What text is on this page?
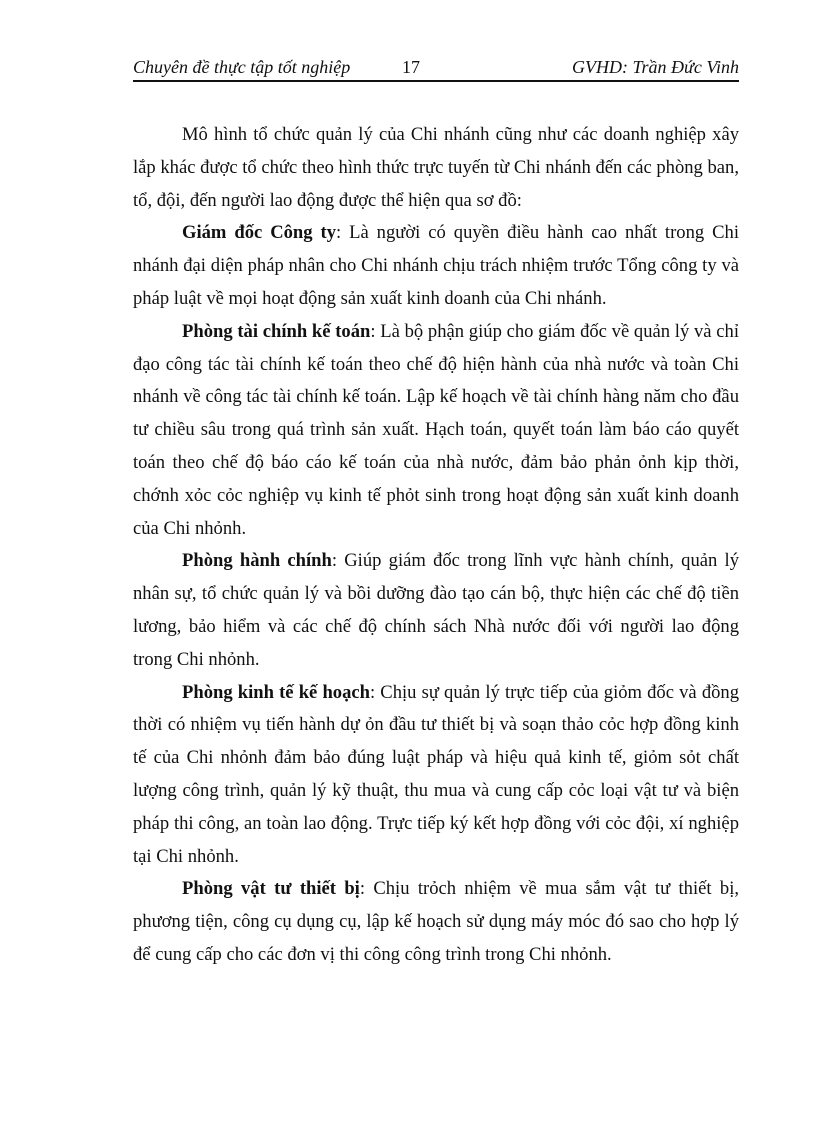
Chuyên đề thực tập tốt nghiệp	17	GVHD: Trần Đức Vinh

Mô hình tổ chức quản lý của Chi nhánh cũng như các doanh nghiệp xây lắp khác được tổ chức theo hình thức trực tuyến từ Chi nhánh đến các phòng ban, tổ, đội, đến người lao động được thể hiện qua sơ đồ:

Giám đốc Công ty: Là người có quyền điều hành cao nhất trong Chi nhánh đại diện pháp nhân cho Chi nhánh chịu trách nhiệm trước Tổng công ty và pháp luật về mọi hoạt động sản xuất kinh doanh của Chi nhánh.

Phòng tài chính kế toán: Là bộ phận giúp cho giám đốc về quản lý và chỉ đạo công tác tài chính kế toán theo chế độ hiện hành của nhà nước và toàn Chi nhánh về công tác tài chính kế toán. Lập kế hoạch về tài chính hàng năm cho đầu tư chiều sâu trong quá trình sản xuất. Hạch toán, quyết toán làm báo cáo quyết toán theo chế độ báo cáo kế toán của nhà nước, đảm bảo phản ỏnh kịp thời, chớnh xỏc cỏc nghiệp vụ kinh tế phỏt sinh trong hoạt động sản xuất kinh doanh của Chi nhỏnh.

Phòng hành chính: Giúp giám đốc trong lĩnh vực hành chính, quản lý nhân sự, tổ chức quản lý và bồi dưỡng đào tạo cán bộ, thực hiện các chế độ tiền lương, bảo hiểm và các chế độ chính sách Nhà nước đối với người lao động trong Chi nhỏnh.

Phòng kinh tế kế hoạch: Chịu sự quản lý trực tiếp của giỏm đốc và đồng thời có nhiệm vụ tiến hành dự ỏn đầu tư thiết bị và soạn thảo cỏc hợp đồng kinh tế của Chi nhỏnh đảm bảo đúng luật pháp và hiệu quả kinh tế, giỏm sỏt chất lượng công trình, quản lý kỹ thuật, thu mua và cung cấp cỏc loại vật tư và biện pháp thi công, an toàn lao động. Trực tiếp ký kết hợp đồng với cỏc đội, xí nghiệp tại Chi nhỏnh.

Phòng vật tư thiết bị: Chịu trỏch nhiệm về mua sắm vật tư thiết bị, phương tiện, công cụ dụng cụ, lập kế hoạch sử dụng máy móc đó sao cho hợp lý để cung cấp cho các đơn vị thi công công trình trong Chi nhỏnh.
